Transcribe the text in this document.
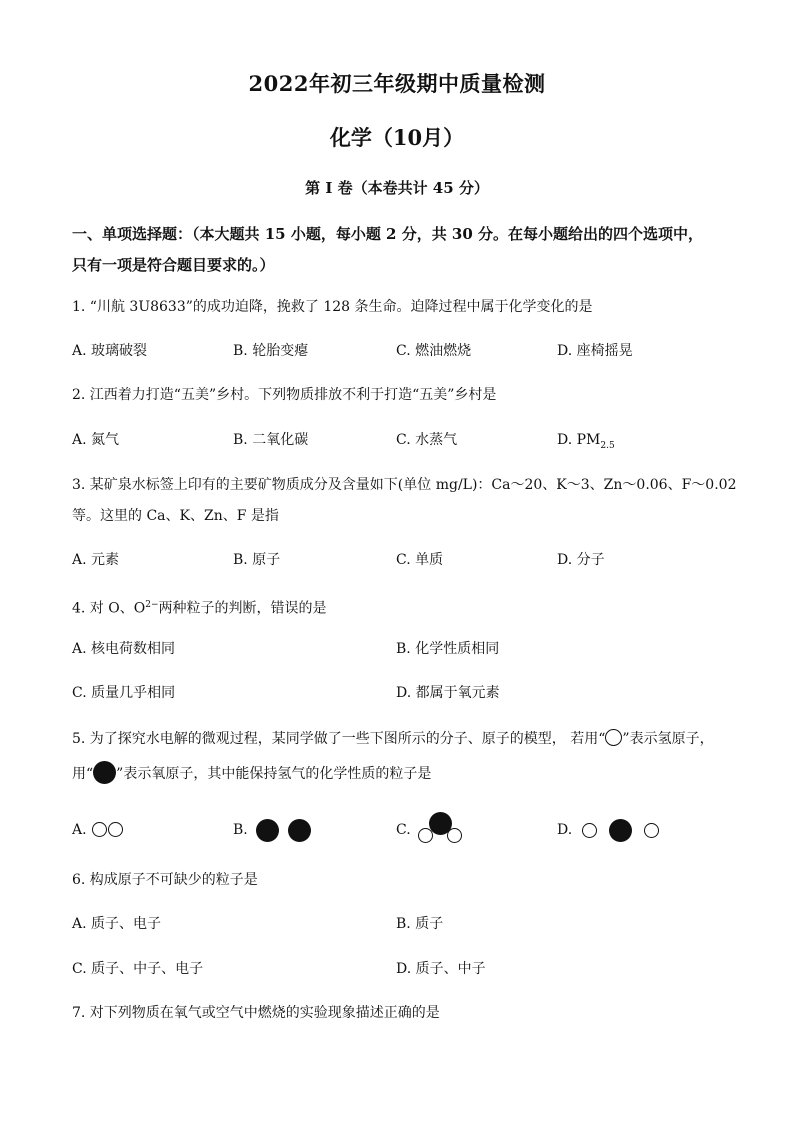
2022年初三年级期中质量检测
化学（10月）
第 I 卷（本卷共计 45 分）
一、单项选择题：（本大题共 15 小题，每小题 2 分，共 30 分。在每小题给出的四个选项中，
只有一项是符合题目要求的。）
1. “川航 3U8633”的成功迫降，挽救了 128 条生命。迫降过程中属于化学变化的是
A. 玻璃破裂	B. 轮胎变瘪	C. 燃油燃烧	D. 座椅摇晃
2. 江西着力打造“五美”乡村。下列物质排放不利于打造“五美”乡村是
A. 氮气	B. 二氧化碳	C. 水蒸气	D. $PM_{2.5}$
3. 某矿泉水标签上印有的主要矿物质成分及含量如下(单位 mg/L)：Ca～20、K～3、Zn～0.06、F～0.02
等。这里的 Ca、K、Zn、F 是指
A. 元素	B. 原子	C. 单质	D. 分子
4. 对 O、$O^{2-}$两种粒子的判断，错误的是
A. 核电荷数相同	B. 化学性质相同
C. 质量几乎相同	D. 都属于氧元素
5. 为了探究水电解的微观过程，某同学做了一些下图所示的分子、原子的模型， 若用“ ”表示氢原子，
用“ ”表示氧原子，其中能保持氢气的化学性质的粒子是
A.	B.	C.	D.
6. 构成原子不可缺少的粒子是
A. 质子、电子	B. 质子
C. 质子、中子、电子	D. 质子、中子
7. 对下列物质在氧气或空气中燃烧的实验现象描述正确的是
